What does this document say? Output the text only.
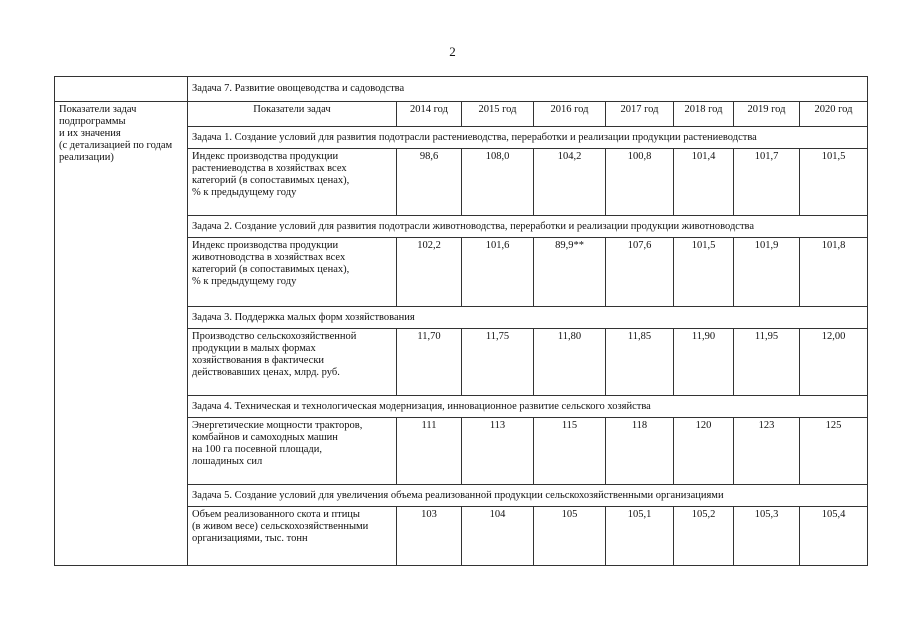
2
	Задача 7. Развитие овощеводства и садоводства							

Показатели задач
подпрограммы
и их значения
(с детализацией по годам
реализации)	Показатели задач	2014 год	2015 год	2016 год	2017 год	2018 год	2019 год	2020 год
	Задача 1. Создание условий для развития подотрасли растениеводства, переработки и реализации продукции растениеводства							

	Индекс производства продукции
растениеводства в хозяйствах всех
категорий (в сопоставимых ценах),
% к предыдущему году	98,6	108,0	104,2	100,8	101,4	101,7	101,5
	Задача 2. Создание условий для развития подотрасли животноводства, переработки и реализации продукции животноводства							

	Индекс производства продукции
животноводства в хозяйствах всех
категорий (в сопоставимых ценах),
% к предыдущему году	102,2	101,6	89,9**	107,6	101,5	101,9	101,8
	Задача 3. Поддержка малых форм хозяйствования							

	Производство сельскохозяйственной
продукции в малых формах
хозяйствования в фактически
действовавших ценах, млрд. руб.	11,70	11,75	11,80	11,85	11,90	11,95	12,00
	Задача 4. Техническая и технологическая модернизация, инновационное развитие сельского хозяйства							

	Энергетические мощности тракторов,
комбайнов и самоходных машин
на 100 га посевной площади,
лошадиных сил	111	113	115	118	120	123	125
	Задача 5. Создание условий для увеличения объема реализованной продукции сельскохозяйственными организациями							

	Объем реализованного скота и птицы
(в живом весе) сельскохозяйственными
организациями, тыс. тонн	103	104	105	105,1	105,2	105,3	105,4
